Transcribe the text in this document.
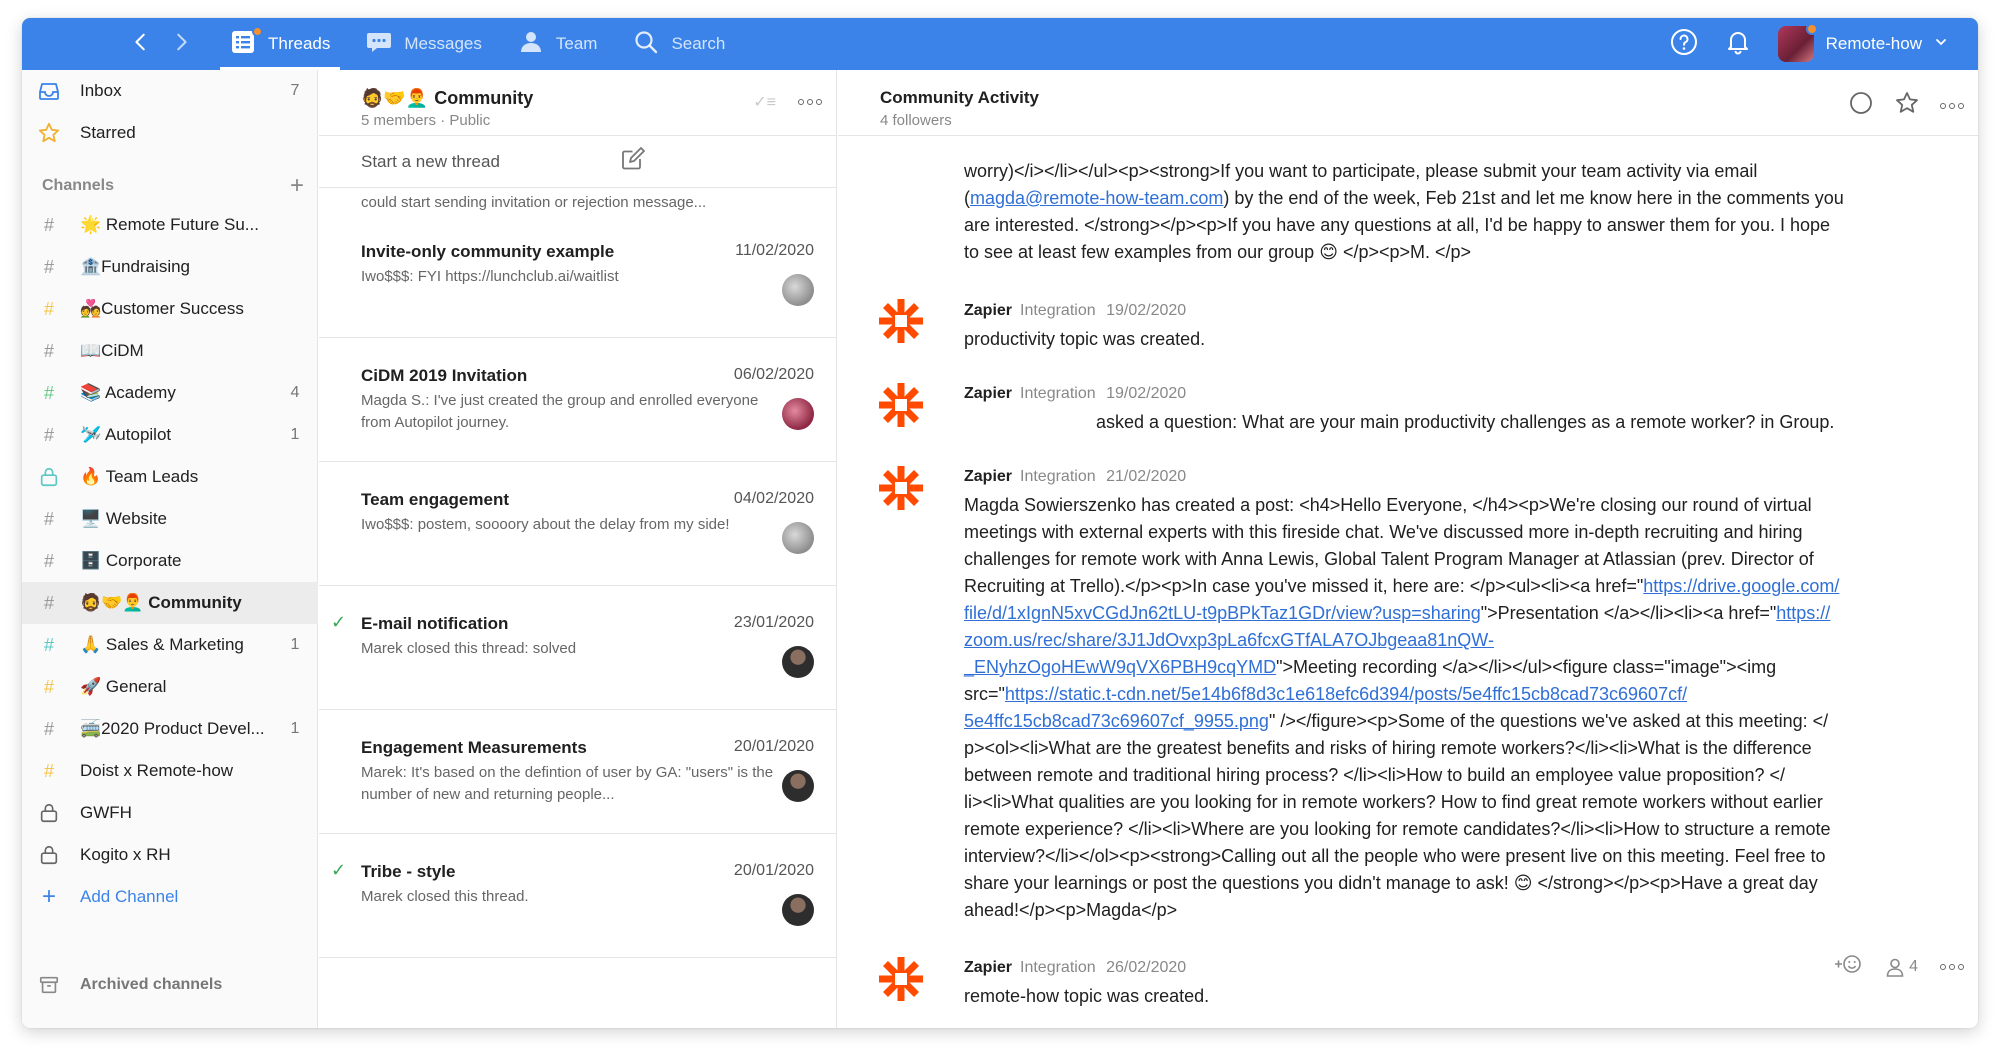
Threads	Messages	Team	Search	Remote-how
Inbox	7
Starred
Channels	+
#	🌟 Remote Future Su...
#	🏦Fundraising
#	💑Customer Success
#	📖CiDM
#	📚 Academy	4
#	🛩️ Autopilot	1
🔥 Team Leads
#	🖥️ Website
#	🗄️ Corporate
#	🧔🤝👨‍🦰 Community
#	🙏 Sales & Marketing	1
#	🚀 General
#	🚎2020 Product Devel...	1
#	Doist x Remote-how
GWFH
Kogito x RH
+	Add Channel
Archived channels
🧔🤝👨‍🦰 Community
5 members · Public
✓≡
Start a new thread
could start sending invitation or rejection message...
Invite-only community example	11/02/2020
Iwo$$$: FYI https://lunchclub.ai/waitlist
CiDM 2019 Invitation	06/02/2020
Magda S.: I've just created the group and enrolled everyone from Autopilot journey.
Team engagement	04/02/2020
Iwo$$$: postem, soooory about the delay from my side!
✓ E-mail notification	23/01/2020
Marek closed this thread: solved
Engagement Measurements	20/01/2020
Marek: It's based on the defintion of user by GA: "users" is the number of new and returning people...
✓ Tribe - style	20/01/2020
Marek closed this thread.
Community Activity
4 followers
worry)</i></li></ul><p><strong>If you want to participate, please submit your team activity via email
(magda@remote-how-team.com) by the end of the week, Feb 21st and let me know here in the comments you
are interested. </strong></p><p>If you have any questions at all, I'd be happy to answer them for you. I hope
to see at least few examples from our group 😊 </p><p>M. </p>
Zapier Integration 19/02/2020
productivity topic was created.
Zapier Integration 19/02/2020
asked a question: What are your main productivity challenges as a remote worker? in Group.
Zapier Integration 21/02/2020
Magda Sowierszenko has created a post: <h4>Hello Everyone, </h4><p>We're closing our round of virtual
meetings with external experts with this fireside chat. We've discussed more in-depth recruiting and hiring
challenges for remote work with Anna Lewis, Global Talent Program Manager at Atlassian (prev. Director of
Recruiting at Trello).</p><p>In case you've missed it, here are: </p><ul><li><a href="https://drive.google.com/
file/d/1xIgnN5xvCGdJn62tLU-t9pBPkTaz1GDr/view?usp=sharing">Presentation </a></li><li><a href="https://
zoom.us/rec/share/3J1JdOvxp3pLa6fcxGTfALA7OJbgeaa81nQW-
_ENyhzOgoHEwW9qVX6PBH9cqYMD">Meeting recording </a></li></ul><figure class="image"><img
src="https://static.t-cdn.net/5e14b6f8d3c1e618efc6d394/posts/5e4ffc15cb8cad73c69607cf/
5e4ffc15cb8cad73c69607cf_9955.png" /></figure><p>Some of the questions we've asked at this meeting: </
p><ol><li>What are the greatest benefits and risks of hiring remote workers?</li><li>What is the difference
between remote and traditional hiring process? </li><li>How to build an employee value proposition? </
li><li>What qualities are you looking for in remote workers? How to find great remote workers without earlier
remote experience? </li><li>Where are you looking for remote candidates?</li><li>How to structure a remote
interview?</li></ol><p><strong>Calling out all the people who were present live on this meeting. Feel free to
share your learnings or post the questions you didn't manage to ask! 😊 </strong></p><p>Have a great day
ahead!</p><p>Magda</p>
Zapier Integration 26/02/2020	4
remote-how topic was created.
